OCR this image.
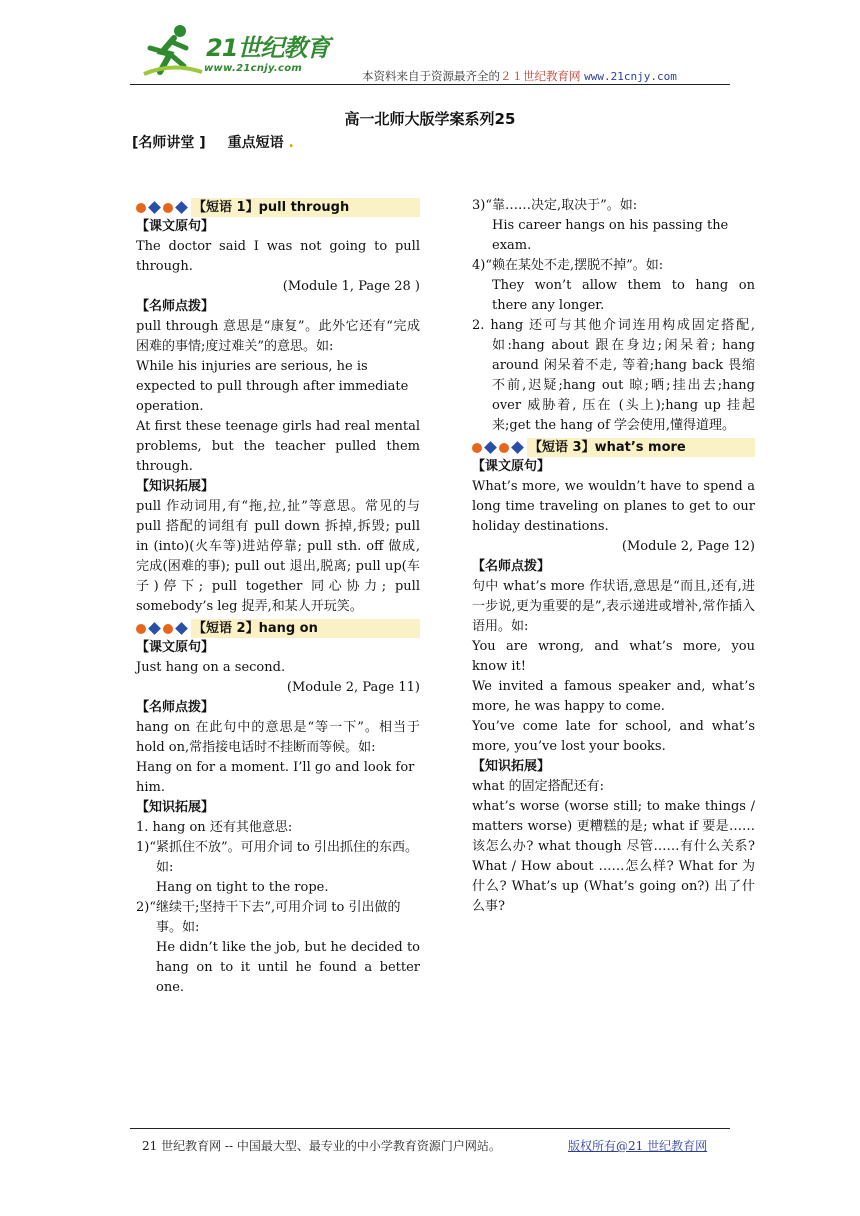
21世纪教育
www.21cnjy.com
本资料来自于资源最齐全的２１世纪教育网 www.21cnjy.com
高一北师大版学案系列25
[名师讲堂 ] 重点短语 .
【短语 1】pull through

【课文原句】

The doctor said I was not going to pull through.

(Module 1, Page 28 )

【名师点拨】

pull through 意思是“康复”。此外它还有“完成困难的事情;度过难关”的意思。如:

While his injuries are serious, he is expected to pull through after immediate operation.

At first these teenage girls had real mental problems, but the teacher pulled them through.

【知识拓展】

pull 作动词用,有“拖,拉,扯”等意思。常见的与 pull 搭配的词组有 pull down 拆掉,拆毁; pull in (into)(火车等)进站停靠; pull sth. off 做成,完成(困难的事); pull out 退出,脱离; pull up(车子)停下; pull together 同心协力; pull somebody’s leg 捉弄,和某人开玩笑。

【短语 2】hang on

【课文原句】

Just hang on a second.

(Module 2, Page 11)

【名师点拨】

hang on 在此句中的意思是“等一下”。相当于 hold on,常指接电话时不挂断而等候。如:

Hang on for a moment. I’ll go and look for him.

【知识拓展】

1. hang on 还有其他意思:

1)“紧抓住不放”。可用介词 to 引出抓住的东西。如:

Hang on tight to the rope.

2)“继续干;坚持干下去”,可用介词 to 引出做的事。如:

He didn’t like the job, but he decided to hang on to it until he found a better one.

3)“靠……决定,取决于”。如:

His career hangs on his passing the exam.

4)“赖在某处不走,摆脱不掉”。如:

They won’t allow them to hang on there any longer.

2. hang 还可与其他介词连用构成固定搭配,如:hang about 跟在身边;闲呆着; hang around 闲呆着不走, 等着;hang back 畏缩不前,迟疑;hang out 晾;晒;挂出去;hang over 威胁着, 压在 (头上);hang up 挂起来;get the hang of 学会使用,懂得道理。

【短语 3】what’s more

【课文原句】

What’s more, we wouldn’t have to spend a long time traveling on planes to get to our holiday destinations.

(Module 2, Page 12)

【名师点拨】

句中 what’s more 作状语,意思是“而且,还有,进一步说,更为重要的是”,表示递进或增补,常作插入语用。如:

You are wrong, and what’s more, you know it!

We invited a famous speaker and, what’s more, he was happy to come.

You’ve come late for school, and what’s more, you’ve lost your books.

【知识拓展】

what 的固定搭配还有:

what’s worse (worse still; to make things / matters worse) 更糟糕的是; what if 要是……该怎么办? what though 尽管……有什么关系? What / How about ……怎么样? What for 为什么? What’s up (What’s going on?) 出了什么事?

21 世纪教育网 -- 中国最大型、最专业的中小学教育资源门户网站。	版权所有@21 世纪教育网
